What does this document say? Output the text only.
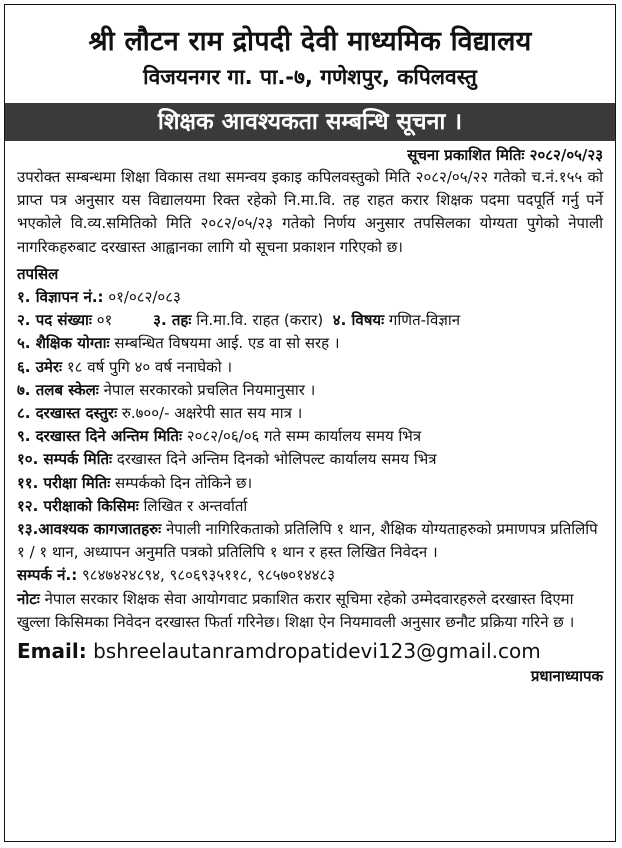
श्री लौटन राम द्रोपदी देवी माध्यमिक विद्यालय
विजयनगर गा. पा.-७, गणेशपुर, कपिलवस्तु
शिक्षक आवश्यकता सम्बन्धि सूचना ।
सूचना प्रकाशित मितिः २०८२/०५/२३
उपरोक्त सम्बन्धमा शिक्षा विकास तथा समन्वय इकाइ कपिलवस्तुको मिति २०८२/०५/२२ गतेको च.नं.१५५ को प्राप्त पत्र अनुसार यस विद्यालयमा रिक्त रहेको नि.मा.वि. तह राहत करार शिक्षक पदमा पदपूर्ति गर्नु पर्ने भएकोले वि.व्य.समितिको मिति २०८२/०५/२३ गतेको निर्णय अनुसार तपसिलका योग्यता पुगेको नेपाली नागरिकहरुबाट दरखास्त आह्वानका लागि यो सूचना प्रकाशन गरिएको छ।
तपसिल
१. विज्ञापन नं.: ०१/०८२/०८३
२. पद संख्याः ०१	३. तहः नि.मा.वि. राहत (करार) ४. विषयः गणित-विज्ञान
५. शैक्षिक योग्ताः सम्बन्धित विषयमा आई. एड वा सो सरह ।
६. उमेरः १८ वर्ष पुगि ४० वर्ष ननाघेको ।
७. तलब स्केलः नेपाल सरकारको प्रचलित नियमानुसार ।
८. दरखास्त दस्तुरः रु.७००/- अक्षरेपी सात सय मात्र ।
९. दरखास्त दिने अन्तिम मितिः २०८२/०६/०६ गते सम्म कार्यालय समय भित्र
१०. सम्पर्क मितिः दरखास्त दिने अन्तिम दिनको भोलिपल्ट कार्यालय समय भित्र
११. परीक्षा मितिः सम्पर्कको दिन तोकिने छ।
१२. परीक्षाको किसिमः लिखित र अन्तर्वार्ता
१३.आवश्यक कागजातहरुः नेपाली नागिरिकताको प्रतिलिपि १ थान, शैक्षिक योग्यताहरुको प्रमाणपत्र प्रतिलिपि १ / १ थान, अध्यापन अनुमति पत्रको प्रतिलिपि १ थान र हस्त लिखित निवेदन ।
सम्पर्क नं.: ९८४७४२४८९४, ९८०६९३५११८, ९८५७०१४४८३
नोटः नेपाल सरकार शिक्षक सेवा आयोगवाट प्रकाशित करार सूचिमा रहेको उम्मेदवारहरुले दरखास्त दिएमा खुल्ला किसिमका निवेदन दरखास्त फिर्ता गरिनेछ। शिक्षा ऐन नियमावली अनुसार छनौट प्रक्रिया गरिने छ ।
Email: bshreelautanramdropatidevi123@gmail.com
प्रधानाध्यापक
